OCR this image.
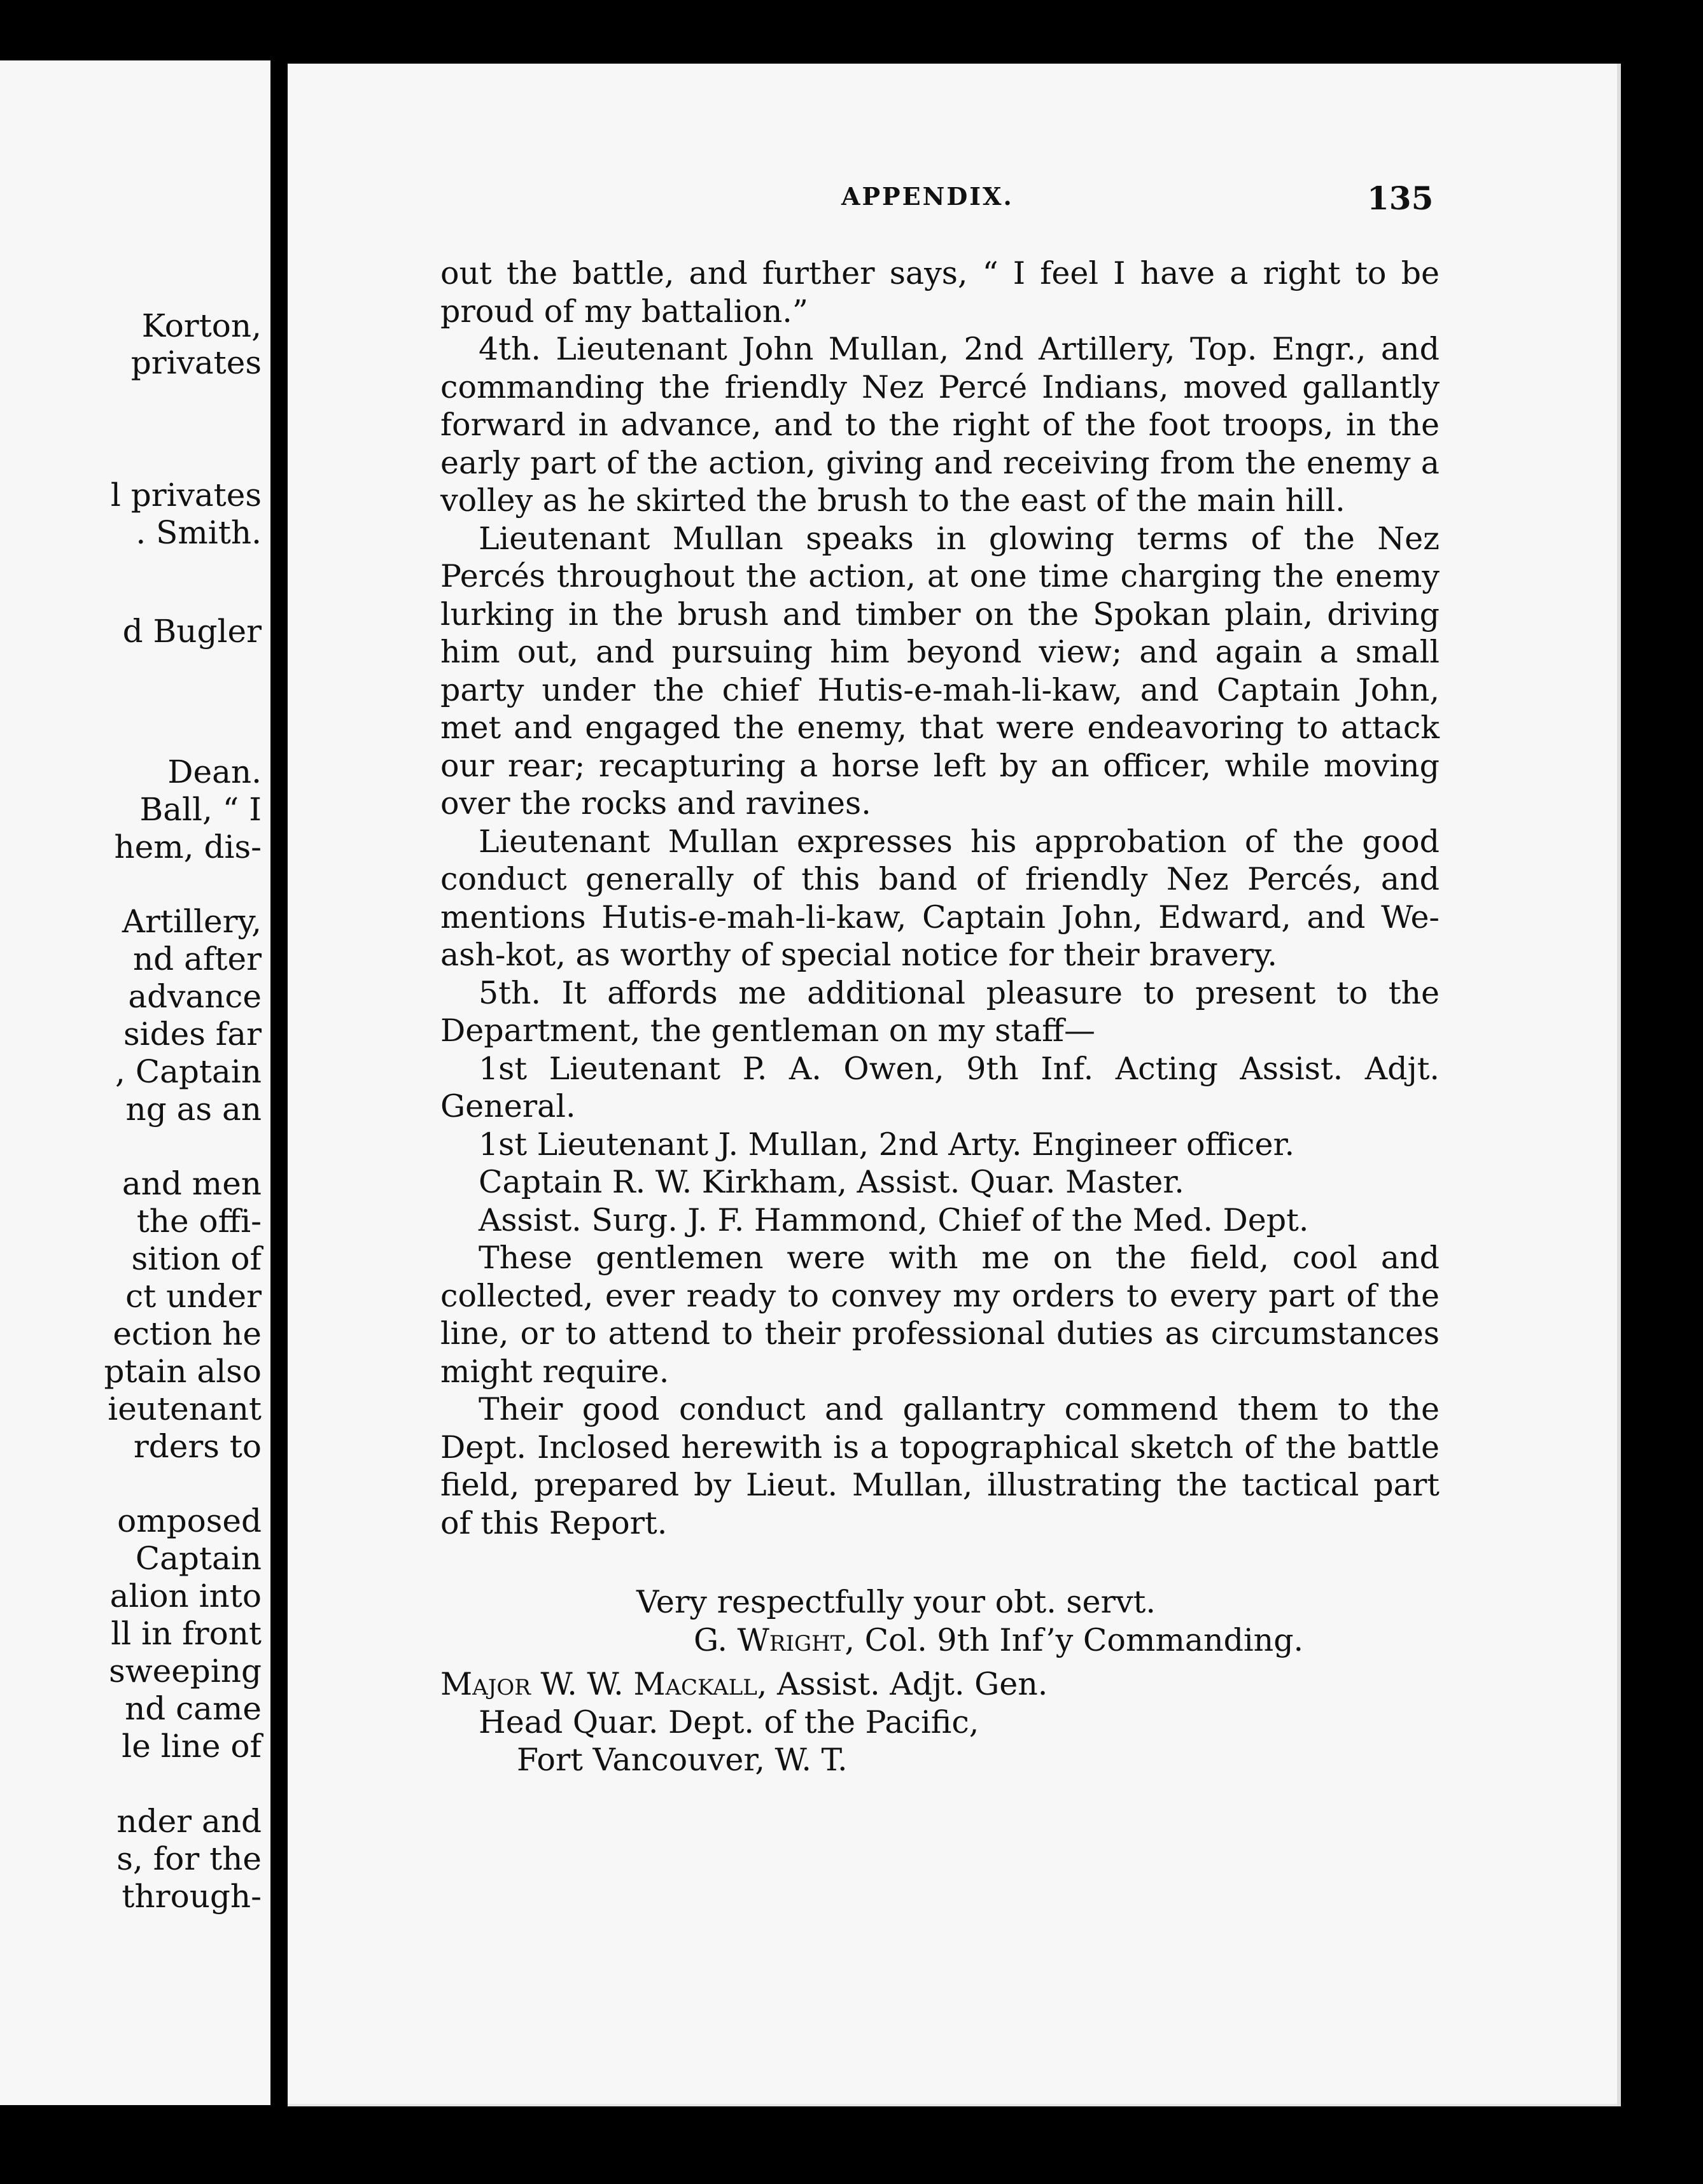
Korton,
privates
l privates
. Smith.
d Bugler
Dean.
Ball, “ I
hem, dis-
Artillery,
nd after
advance
sides far
, Captain
ng as an
and men
the offi-
sition of
ct under
ection he
ptain also
ieutenant
rders to
omposed
Captain
alion into
ll in front
sweeping
nd came
le line of
nder and
s, for the
through-
APPENDIX.	135

out the battle, and further says, “ I feel I have a right to be proud of my battalion.”

4th. Lieutenant John Mullan, 2nd Artillery, Top. Engr., and commanding the friendly Nez Percé Indians, moved gallantly forward in advance, and to the right of the foot troops, in the early part of the action, giving and receiving from the enemy a volley as he skirted the brush to the east of the main hill.

Lieutenant Mullan speaks in glowing terms of the Nez Percés throughout the action, at one time charging the enemy lurking in the brush and timber on the Spokan plain, driving him out, and pursuing him beyond view; and again a small party under the chief Hutis-e-mah-li-kaw, and Captain John, met and engaged the enemy, that were endeavoring to attack our rear; recapturing a horse left by an officer, while moving over the rocks and ravines.

Lieutenant Mullan expresses his approbation of the good conduct generally of this band of friendly Nez Percés, and mentions Hutis-e-mah-li-kaw, Captain John, Edward, and We-ash-kot, as worthy of special notice for their bravery.

5th. It affords me additional pleasure to present to the Department, the gentleman on my staff—

1st Lieutenant P. A. Owen, 9th Inf. Acting Assist. Adjt. General.

1st Lieutenant J. Mullan, 2nd Arty. Engineer officer.

Captain R. W. Kirkham, Assist. Quar. Master.

Assist. Surg. J. F. Hammond, Chief of the Med. Dept.

These gentlemen were with me on the field, cool and collected, ever ready to convey my orders to every part of the line, or to attend to their professional duties as circumstances might require.

Their good conduct and gallantry commend them to the Dept. Inclosed herewith is a topographical sketch of the battle field, prepared by Lieut. Mullan, illustrating the tactical part of this Report.

Very respectfully your obt. servt.
G. Wright, Col. 9th Inf’y Commanding.
Major W. W. Mackall, Assist. Adjt. Gen.
Head Quar. Dept. of the Pacific,
Fort Vancouver, W. T.
